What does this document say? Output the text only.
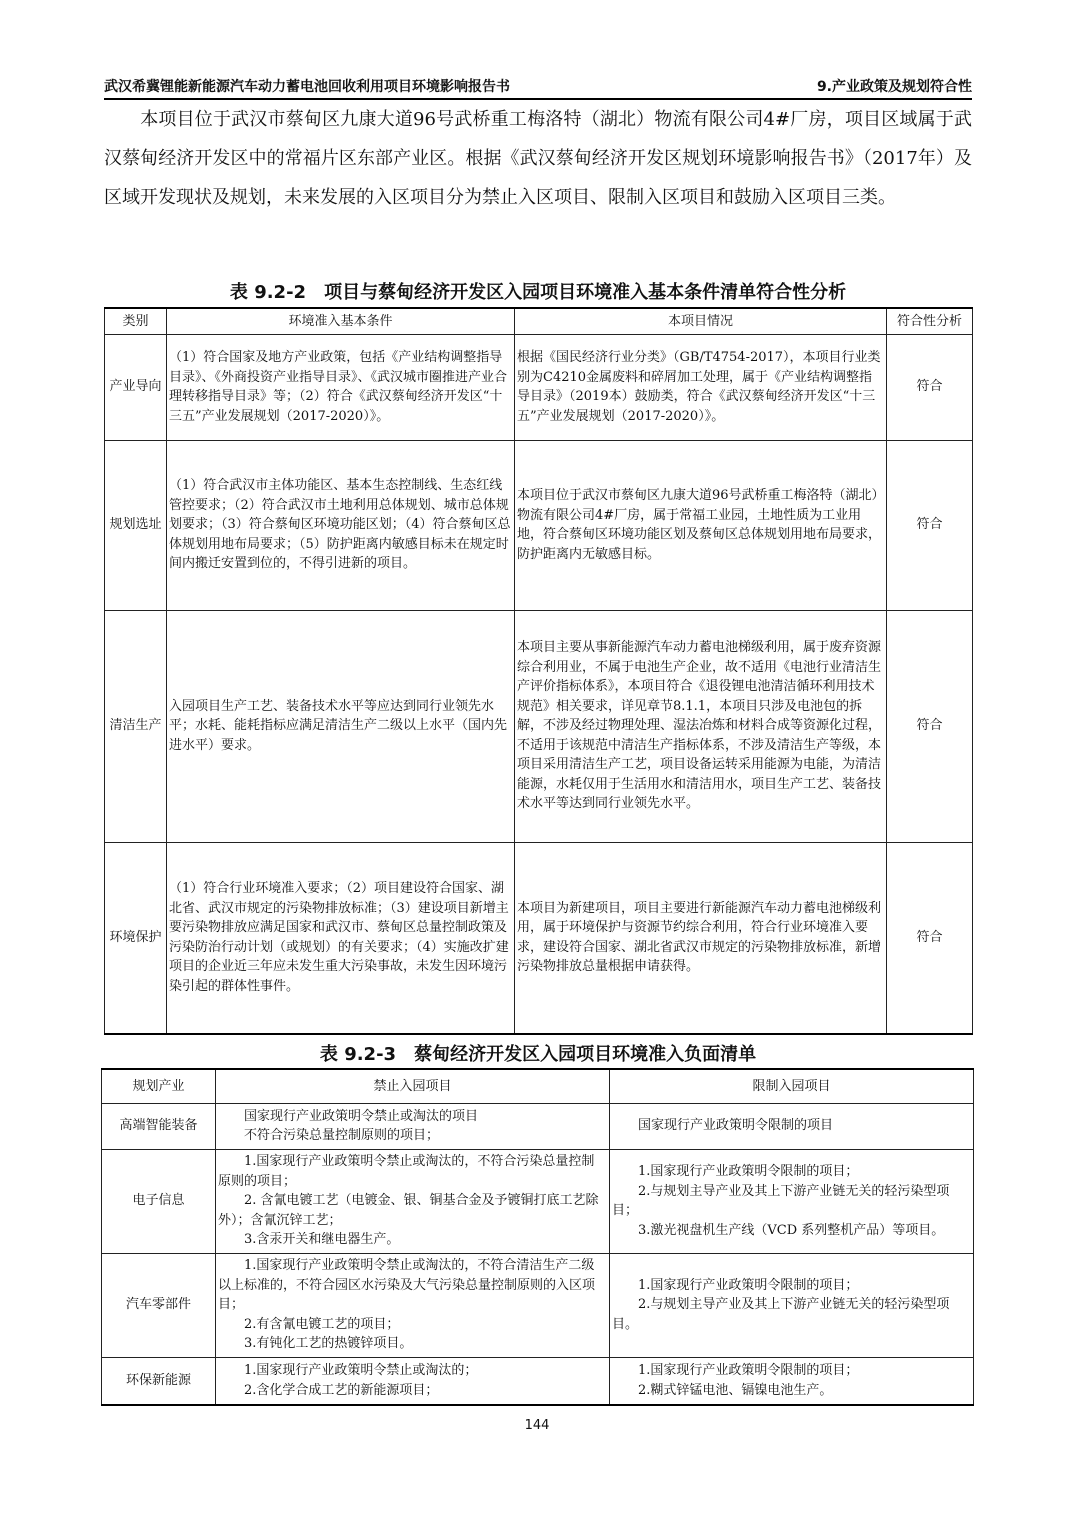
武汉希冀锂能新能源汽车动力蓄电池回收利用项目环境影响报告书	9.产业政策及规划符合性

本项目位于武汉市蔡甸区九康大道96号武桥重工梅洛特（湖北）物流有限公司4#厂房，项目区域属于武汉蔡甸经济开发区中的常福片区东部产业区。根据《武汉蔡甸经济开发区规划环境影响报告书》（2017年）及区域开发现状及规划，未来发展的入区项目分为禁止入区项目、限制入区项目和鼓励入区项目三类。

表 9.2-2　项目与蔡甸经济开发区入园项目环境准入基本条件清单符合性分析
类别	环境准入基本条件	本项目情况	符合性分析
产业导向	（1）符合国家及地方产业政策，包括《产业结构调整指导目录》、《外商投资产业指导目录》、《武汉城市圈推进产业合理转移指导目录》等；（2）符合《武汉蔡甸经济开发区“十三五”产业发展规划（2017-2020）》。	根据《国民经济行业分类》（GB/T4754-2017），本项目行业类别为C4210金属废料和碎屑加工处理，属于《产业结构调整指导目录》（2019本）鼓励类，符合《武汉蔡甸经济开发区“十三五”产业发展规划（2017-2020）》。	符合
规划选址	（1）符合武汉市主体功能区、基本生态控制线、生态红线管控要求；（2）符合武汉市土地利用总体规划、城市总体规划要求；（3）符合蔡甸区环境功能区划；（4）符合蔡甸区总体规划用地布局要求；（5）防护距离内敏感目标未在规定时间内搬迁安置到位的，不得引进新的项目。	本项目位于武汉市蔡甸区九康大道96号武桥重工梅洛特（湖北）物流有限公司4#厂房，属于常福工业园，土地性质为工业用地，符合蔡甸区环境功能区划及蔡甸区总体规划用地布局要求，防护距离内无敏感目标。	符合
清洁生产	入园项目生产工艺、装备技术水平等应达到同行业领先水平；水耗、能耗指标应满足清洁生产二级以上水平（国内先进水平）要求。	本项目主要从事新能源汽车动力蓄电池梯级利用，属于废弃资源综合利用业，不属于电池生产企业，故不适用《电池行业清洁生产评价指标体系》，本项目符合《退役锂电池清洁循环利用技术规范》相关要求，详见章节8.1.1，本项目只涉及电池包的拆解，不涉及经过物理处理、湿法冶炼和材料合成等资源化过程，不适用于该规范中清洁生产指标体系，不涉及清洁生产等级，本项目采用清洁生产工艺，项目设备运转采用能源为电能，为清洁能源，水耗仅用于生活用水和清洁用水，项目生产工艺、装备技术水平等达到同行业领先水平。	符合
环境保护	（1）符合行业环境准入要求；（2）项目建设符合国家、湖北省、武汉市规定的污染物排放标准；（3）建设项目新增主要污染物排放应满足国家和武汉市、蔡甸区总量控制政策及污染防治行动计划（或规划）的有关要求；（4）实施改扩建项目的企业近三年应未发生重大污染事故，未发生因环境污染引起的群体性事件。	本项目为新建项目，项目主要进行新能源汽车动力蓄电池梯级利用，属于环境保护与资源节约综合利用，符合行业环境准入要求，建设符合国家、湖北省武汉市规定的污染物排放标准，新增污染物排放总量根据申请获得。	符合
表 9.2-3　蔡甸经济开发区入园项目环境准入负面清单
规划产业	禁止入园项目	限制入园项目
高端智能装备	国家现行产业政策明令禁止或淘汰的项目
不符合污染总量控制原则的项目；	国家现行产业政策明令限制的项目

电子信息	1.国家现行产业政策明令禁止或淘汰的，不符合污染总量控制原则的项目；
2. 含氰电镀工艺（电镀金、银、铜基合金及予镀铜打底工艺除外）；含氰沉锌工艺；
3.含汞开关和继电器生产。	1.国家现行产业政策明令限制的项目；
2.与规划主导产业及其上下游产业链无关的轻污染型项目；
3.激光视盘机生产线（VCD 系列整机产品）等项目。

汽车零部件	1.国家现行产业政策明令禁止或淘汰的，不符合清洁生产二级以上标准的，不符合园区水污染及大气污染总量控制原则的入区项目；
2.有含氰电镀工艺的项目；
3.有钝化工艺的热镀锌项目。	1.国家现行产业政策明令限制的项目；
2.与规划主导产业及其上下游产业链无关的轻污染型项目。

环保新能源	1.国家现行产业政策明令禁止或淘汰的；
2.含化学合成工艺的新能源项目；	1.国家现行产业政策明令限制的项目；
2.糊式锌锰电池、镉镍电池生产。
144
